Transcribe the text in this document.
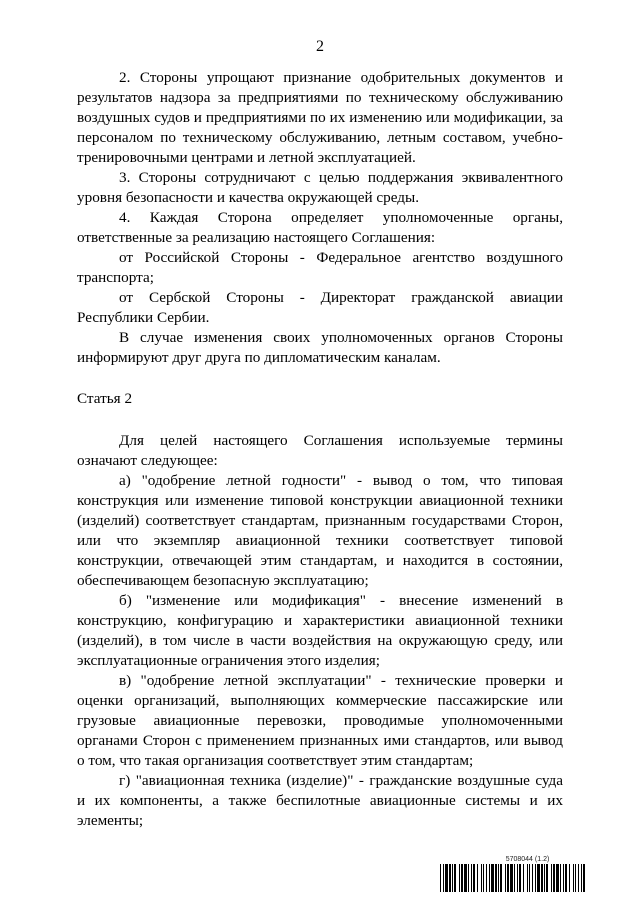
2

2. Стороны упрощают признание одобрительных документов и результатов надзора за предприятиями по техническому обслуживанию воздушных судов и предприятиями по их изменению или модификации, за персоналом по техническому обслуживанию, летным составом, учебно-тренировочными центрами и летной эксплуатацией.

3. Стороны сотрудничают с целью поддержания эквивалентного уровня безопасности и качества окружающей среды.

4. Каждая Сторона определяет уполномоченные органы, ответственные за реализацию настоящего Соглашения:

от Российской Стороны - Федеральное агентство воздушного транспорта;

от Сербской Стороны - Директорат гражданской авиации Республики Сербии.

В случае изменения своих уполномоченных органов Стороны информируют друг друга по дипломатическим каналам.

Статья 2

Для целей настоящего Соглашения используемые термины означают следующее:

а) "одобрение летной годности" - вывод о том, что типовая конструкция или изменение типовой конструкции авиационной техники (изделий) соответствует стандартам, признанным государствами Сторон, или что экземпляр авиационной техники соответствует типовой конструкции, отвечающей этим стандартам, и находится в состоянии, обеспечивающем безопасную эксплуатацию;

б) "изменение или модификация" - внесение изменений в конструкцию, конфигурацию и характеристики авиационной техники (изделий), в том числе в части воздействия на окружающую среду, или эксплуатационные ограничения этого изделия;

в) "одобрение летной эксплуатации" - технические проверки и оценки организаций, выполняющих коммерческие пассажирские или грузовые авиационные перевозки, проводимые уполномоченными органами Сторон с применением признанных ими стандартов, или вывод о том, что такая организация соответствует этим стандартам;

г) "авиационная техника (изделие)" - гражданские воздушные суда и их компоненты, а также беспилотные авиационные системы и их элементы;

5708044 (1.2)
